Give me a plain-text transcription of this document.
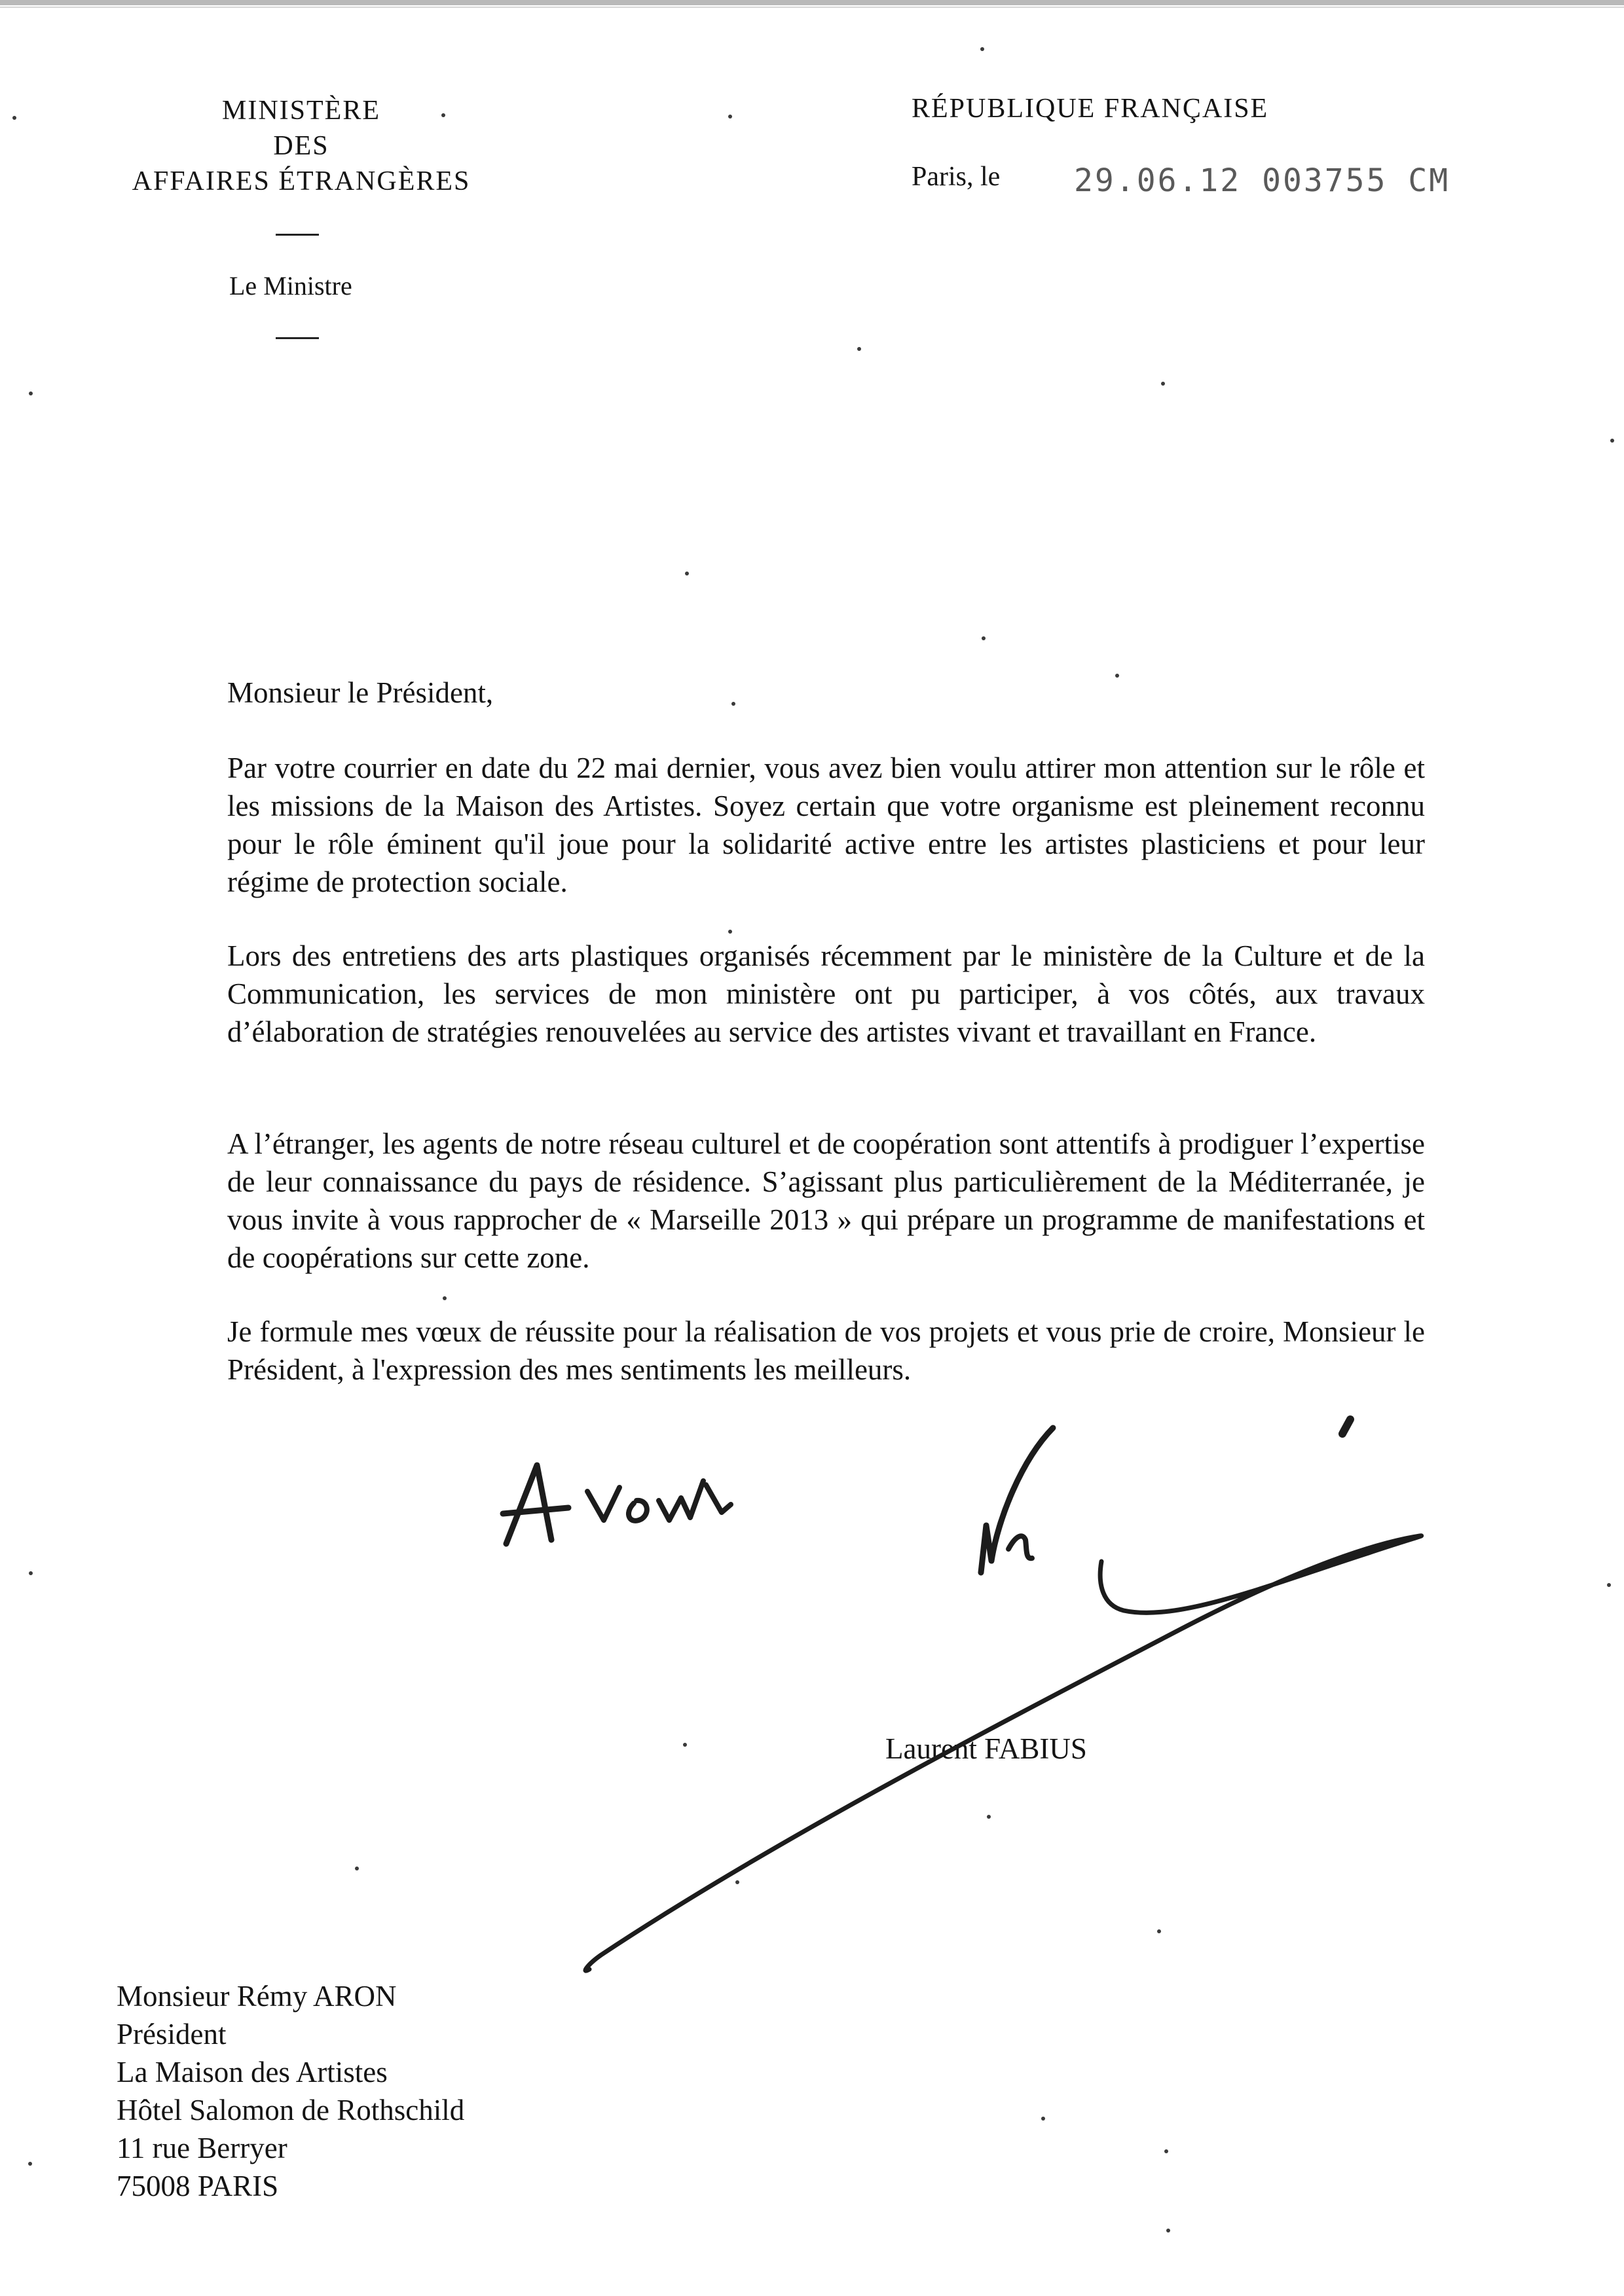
MINISTÈRE
DES
AFFAIRES ÉTRANGÈRES
Le Ministre
RÉPUBLIQUE FRANÇAISE
Paris, le 29.06.12 003755 CM
Monsieur le Président,

Par votre courrier en date du 22 mai dernier, vous avez bien voulu attirer mon attention sur le rôle et les missions de la Maison des Artistes. Soyez certain que votre organisme est pleinement reconnu pour le rôle éminent qu'il joue pour la solidarité active entre les artistes plasticiens et pour leur régime de protection sociale.

Lors des entretiens des arts plastiques organisés récemment par le ministère de la Culture et de la Communication, les services de mon ministère ont pu participer, à vos côtés, aux travaux d’élaboration de stratégies renouvelées au service des artistes vivant et travaillant en France.

A l’étranger, les agents de notre réseau culturel et de coopération sont attentifs à prodiguer l’expertise de leur connaissance du pays de résidence. S’agissant plus particulièrement de la Méditerranée, je vous invite à vous rapprocher de « Marseille 2013 » qui prépare un programme de manifestations et de coopérations sur cette zone.

Je formule mes vœux de réussite pour la réalisation de vos projets et vous prie de croire, Monsieur le Président, à l'expression des mes sentiments les meilleurs.

Laurent FABIUS
Monsieur Rémy ARON
Président
La Maison des Artistes
Hôtel Salomon de Rothschild
11 rue Berryer
75008 PARIS
